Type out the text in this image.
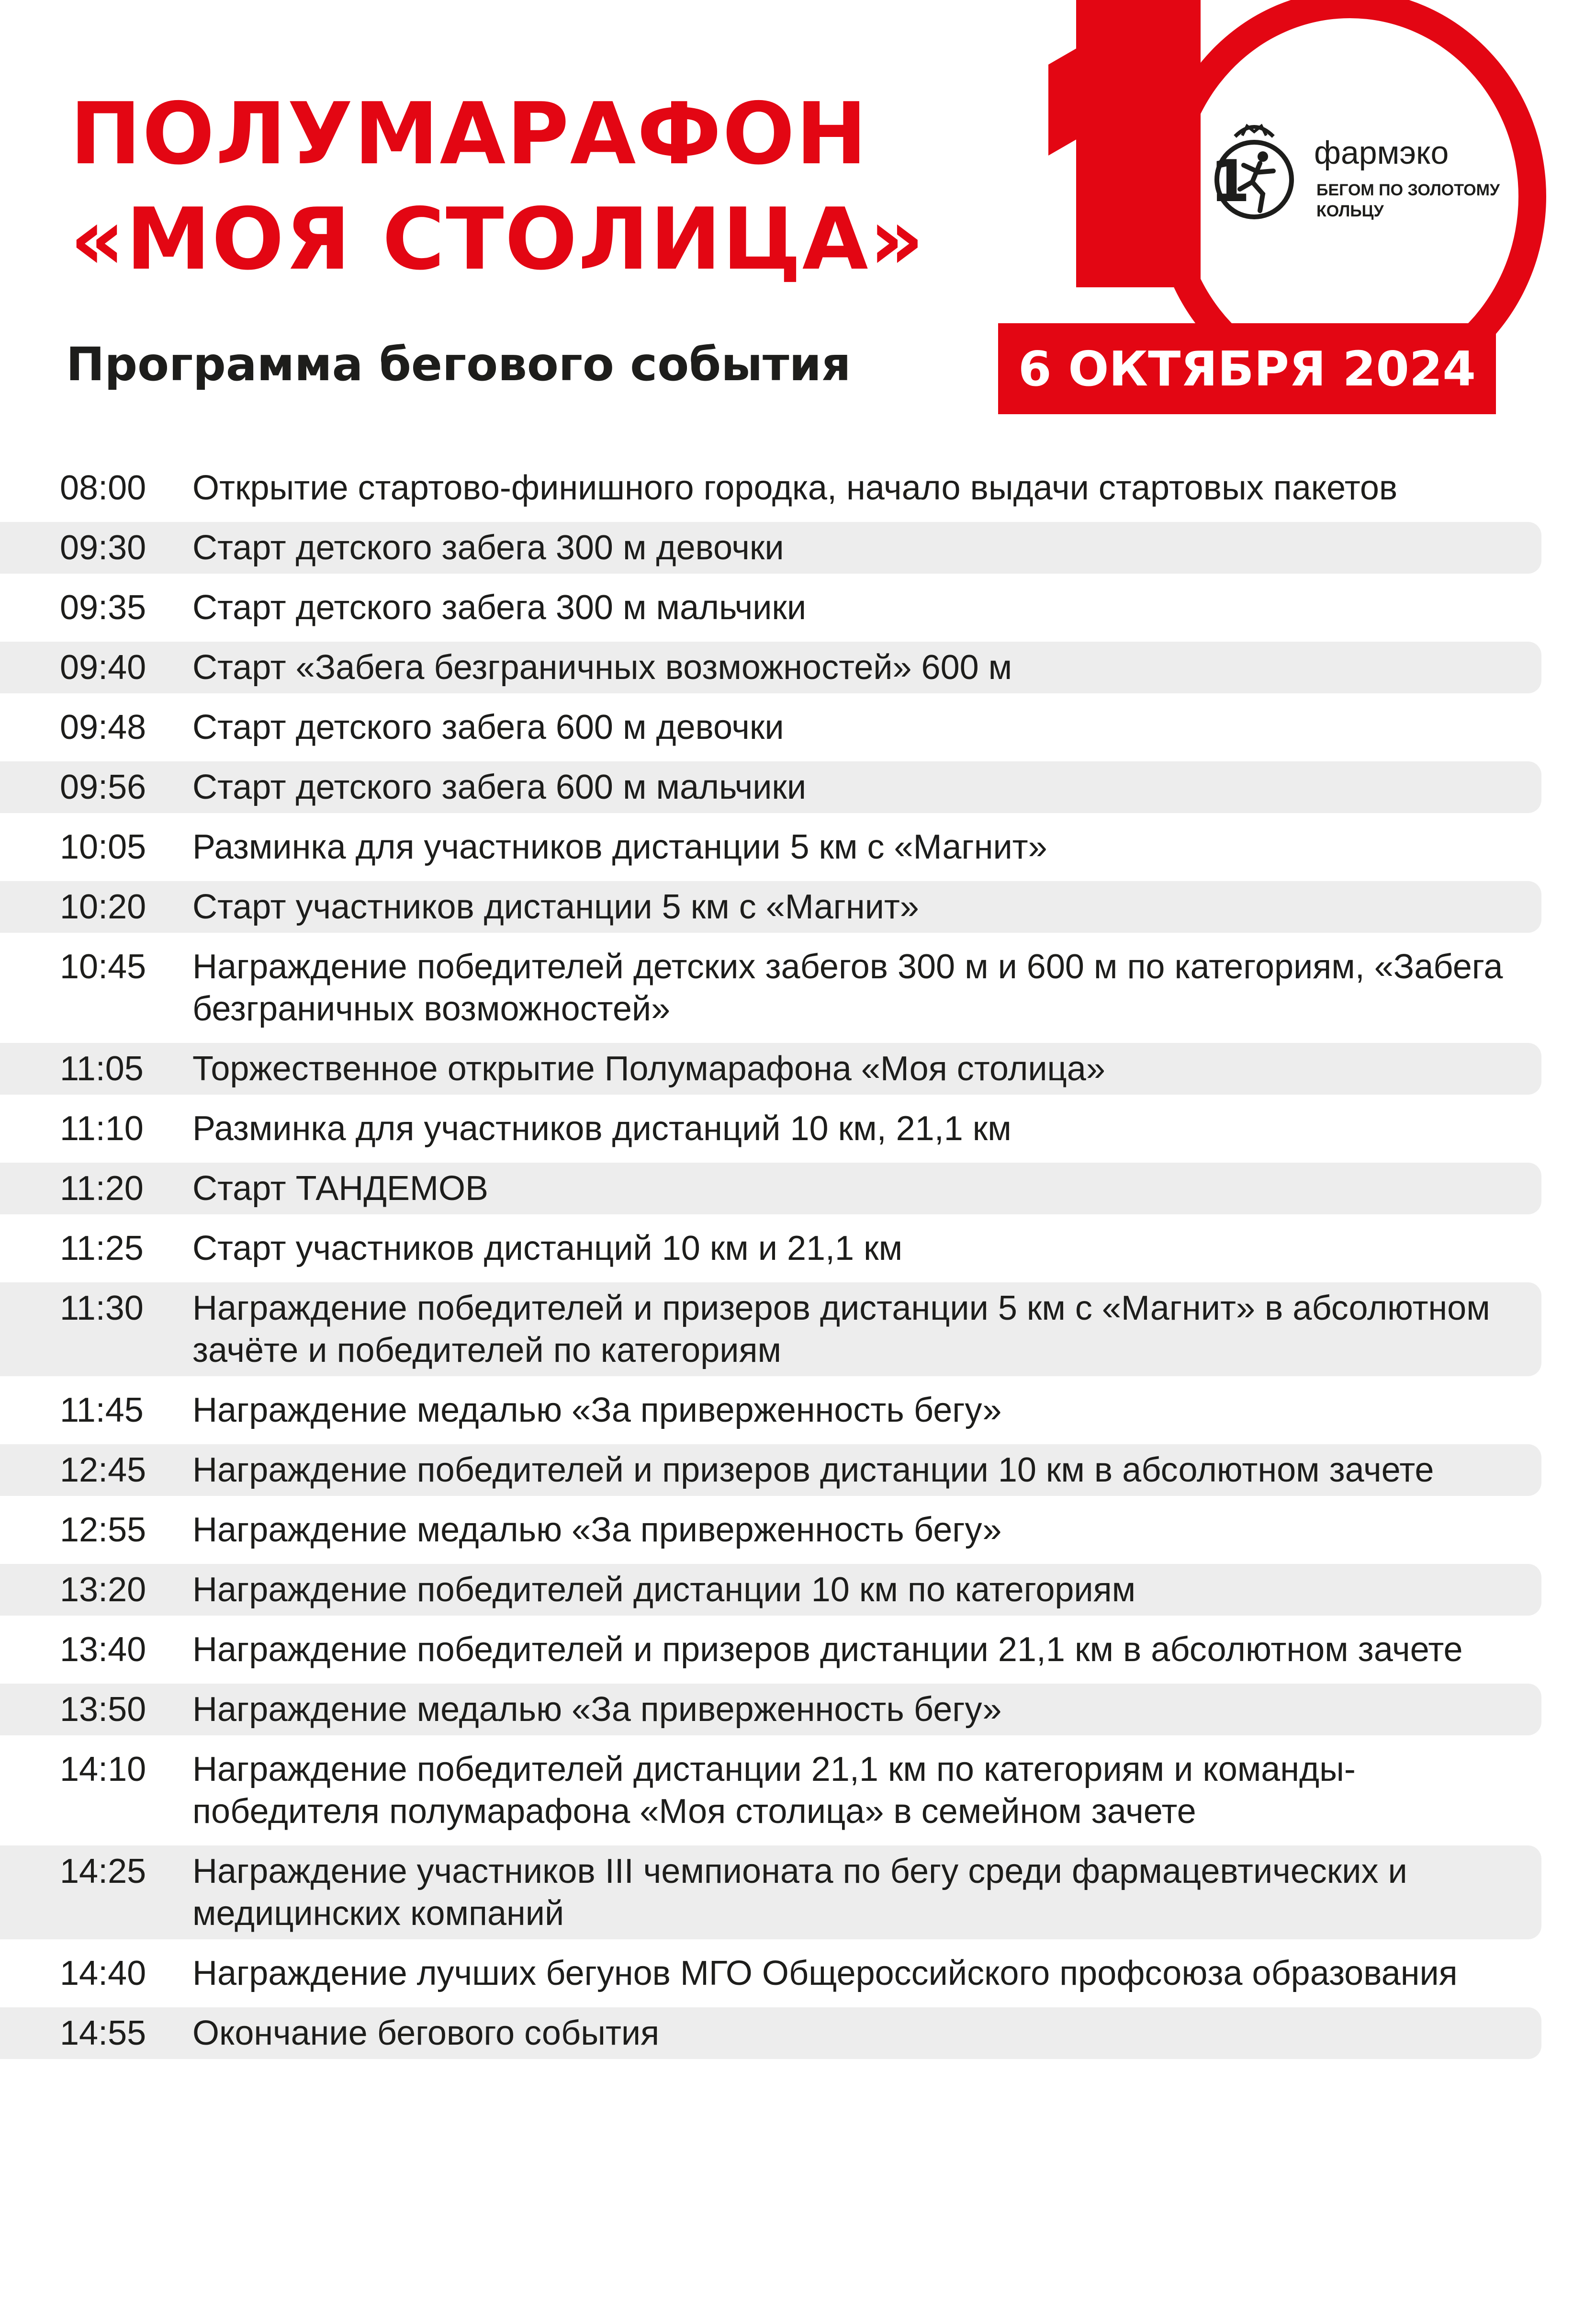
ПОЛУМАРАФОН
«МОЯ СТОЛИЦА»
Программа бегового события
1 фармэко
БЕГОМ ПО ЗОЛОТОМУ КОЛЬЦУ
6 ОКТЯБРЯ 2024
08:00 Открытие стартово-финишного городка, начало выдачи стартовых пакетов
09:30 Старт детского забега 300 м девочки
09:35 Старт детского забега 300 м мальчики
09:40 Старт «Забега безграничных возможностей» 600 м
09:48 Старт детского забега 600 м девочки
09:56 Старт детского забега 600 м мальчики
10:05 Разминка для участников дистанции 5 км с «Магнит»
10:20 Старт участников дистанции 5 км с «Магнит»
10:45 Награждение победителей детских забегов 300 м и 600 м по категориям, «Забега безграничных возможностей»
11:05 Торжественное открытие Полумарафона «Моя столица»
11:10 Разминка для участников дистанций 10 км, 21,1 км
11:20 Старт ТАНДЕМОВ
11:25 Старт участников дистанций 10 км и 21,1 км
11:30 Награждение победителей и призеров дистанции 5 км с «Магнит» в абсолютном зачёте и победителей по категориям
11:45 Награждение медалью «За приверженность бегу»
12:45 Награждение победителей и призеров дистанции 10 км в абсолютном зачете
12:55 Награждение медалью «За приверженность бегу»
13:20 Награждение победителей дистанции 10 км по категориям
13:40 Награждение победителей и призеров дистанции 21,1 км в абсолютном зачете
13:50 Награждение медалью «За приверженность бегу»
14:10 Награждение победителей дистанции 21,1 км по категориям и команды-победителя полумарафона «Моя столица» в семейном зачете
14:25 Награждение участников III чемпионата по бегу среди фармацевтических и медицинских компаний
14:40 Награждение лучших бегунов МГО Общероссийского профсоюза образования
14:55 Окончание бегового события
